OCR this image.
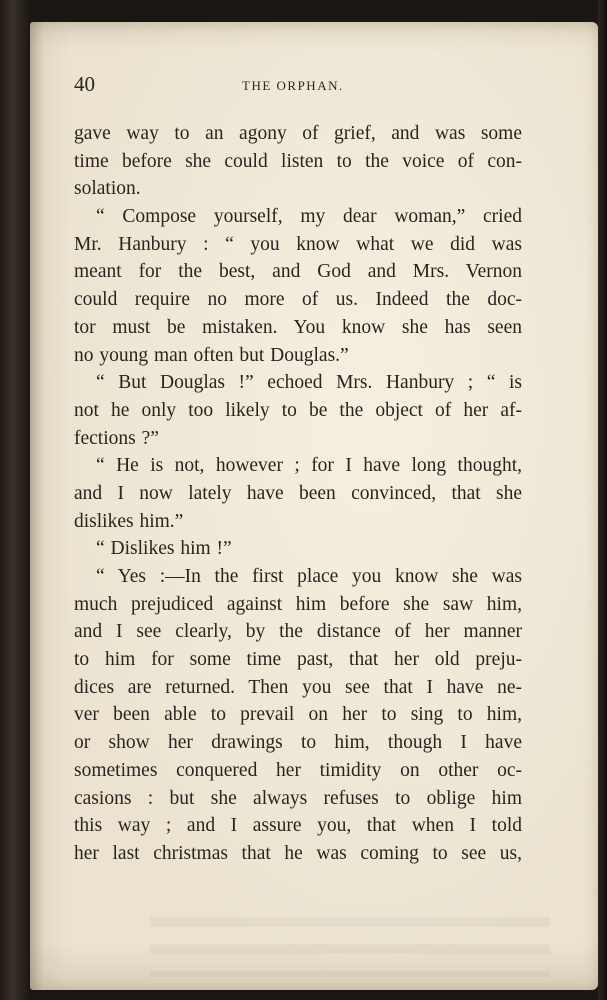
40	THE ORPHAN.
gave way to an agony of grief, and was some
time before she could listen to the voice of con-
solation.
“ Compose yourself, my dear woman,” cried
Mr. Hanbury : “ you know what we did was
meant for the best, and God and Mrs. Vernon
could require no more of us. Indeed the doc-
tor must be mistaken. You know she has seen
no young man often but Douglas.”
“ But Douglas !” echoed Mrs. Hanbury ; “ is
not he only too likely to be the object of her af-
fections ?”
“ He is not, however ; for I have long thought,
and I now lately have been convinced, that she
dislikes him.”
“ Dislikes him !”
“ Yes :—In the first place you know she was
much prejudiced against him before she saw him,
and I see clearly, by the distance of her manner
to him for some time past, that her old preju-
dices are returned. Then you see that I have ne-
ver been able to prevail on her to sing to him,
or show her drawings to him, though I have
sometimes conquered her timidity on other oc-
casions : but she always refuses to oblige him
this way ; and I assure you, that when I told
her last christmas that he was coming to see us,
